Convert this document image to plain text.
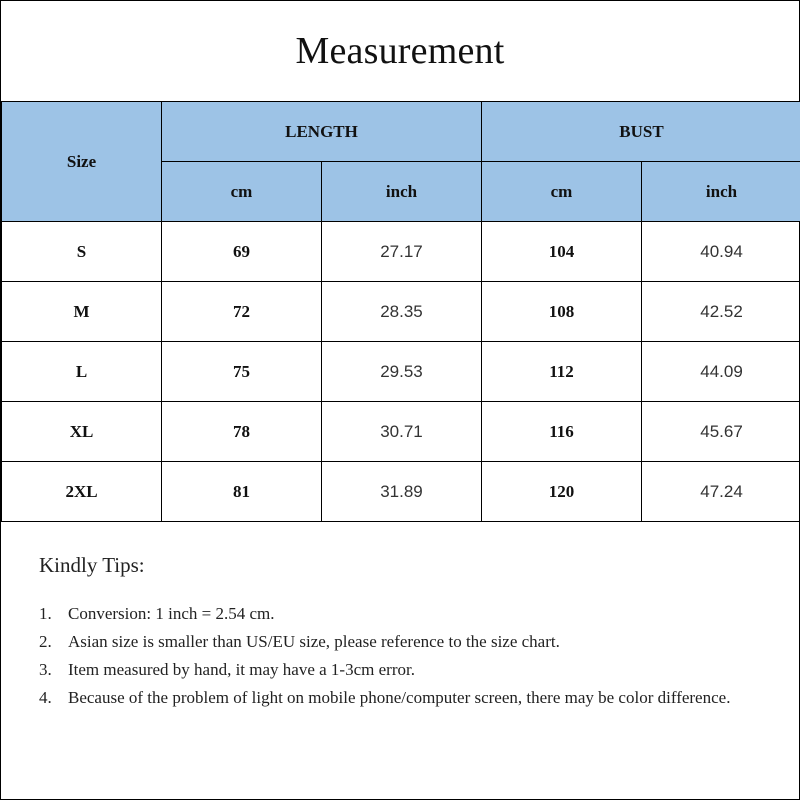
Measurement
Size	LENGTH		BUST	
	cm	inch	cm	inch
S	69	27.17	104	40.94
M	72	28.35	108	42.52
L	75	29.53	112	44.09
XL	78	30.71	116	45.67
2XL	81	31.89	120	47.24
Kindly Tips:
1. Conversion: 1 inch = 2.54 cm.
2. Asian size is smaller than US/EU size, please reference to the size chart.
3. Item measured by hand, it may have a 1-3cm error.
4. Because of the problem of light on mobile phone/computer screen, there may be color difference.
